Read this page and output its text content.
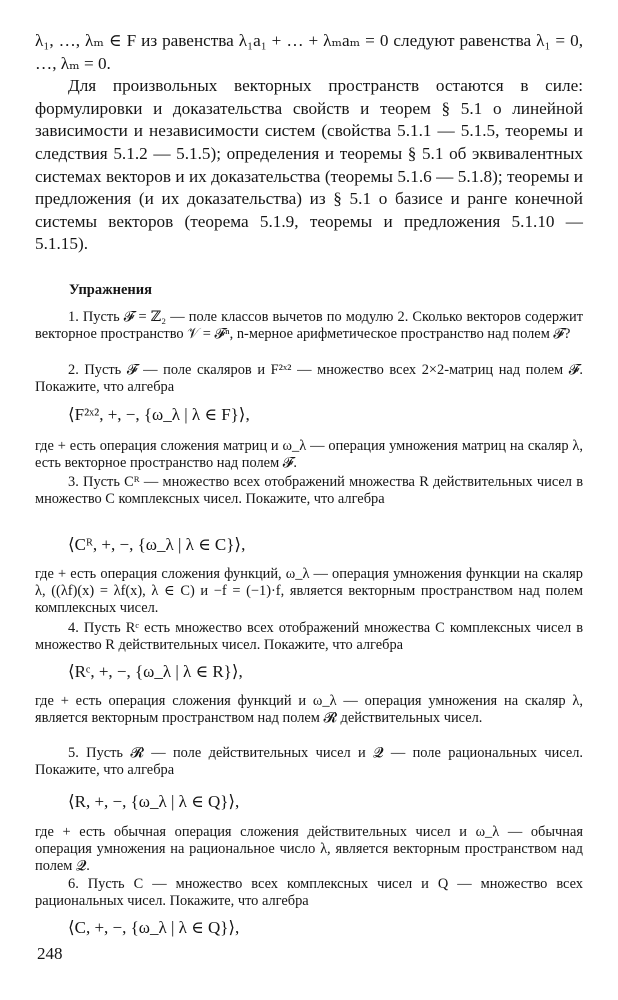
λ₁, …, λₘ ∈ F из равенства λ₁a₁ + … + λₘaₘ = 0 следуют равенства λ₁ = 0, …, λₘ = 0.

Для произвольных векторных пространств остаются в силе: формулировки и доказательства свойств и теорем § 5.1 о линейной зависимости и независимости систем (свойства 5.1.1 — 5.1.5, теоремы и следствия 5.1.2 — 5.1.5); определения и теоремы § 5.1 об эквивалентных системах векторов и их доказательства (теоремы 5.1.6 — 5.1.8); теоремы и предложения (и их доказательства) из § 5.1 о базисе и ранге конечной системы векторов (теорема 5.1.9, теоремы и предложения 5.1.10 — 5.1.15).

Упражнения

1. Пусть 𝓕 = ℤ₂ — поле классов вычетов по модулю 2. Сколько векторов содержит векторное пространство 𝒱 = 𝓕ⁿ, n-мерное арифметическое пространство над полем 𝓕?

2. Пусть 𝓕 — поле скаляров и F²ˣ² — множество всех 2×2-матриц над полем 𝓕. Покажите, что алгебра

⟨F²ˣ², +, −, {ω_λ | λ ∈ F}⟩,

где + есть операция сложения матриц и ω_λ — операция умножения матриц на скаляр λ, есть векторное пространство над полем 𝓕.

3. Пусть Cᴿ — множество всех отображений множества R действительных чисел в множество C комплексных чисел. Покажите, что алгебра

⟨Cᴿ, +, −, {ω_λ | λ ∈ C}⟩,

где + есть операция сложения функций, ω_λ — операция умножения функции на скаляр λ, ((λf)(x) = λf(x), λ ∈ C) и −f = (−1)·f, является векторным пространством над полем комплексных чисел.

4. Пусть Rᶜ есть множество всех отображений множества C комплексных чисел в множество R действительных чисел. Покажите, что алгебра

⟨Rᶜ, +, −, {ω_λ | λ ∈ R}⟩,

где + есть операция сложения функций и ω_λ — операция умножения на скаляр λ, является векторным пространством над полем 𝓡 действительных чисел.

5. Пусть 𝓡 — поле действительных чисел и 𝓠 — поле рациональных чисел. Покажите, что алгебра

⟨R, +, −, {ω_λ | λ ∈ Q}⟩,

где + есть обычная операция сложения действительных чисел и ω_λ — обычная операция умножения на рациональное число λ, является векторным пространством над полем 𝓠.

6. Пусть C — множество всех комплексных чисел и Q — множество всех рациональных чисел. Покажите, что алгебра

⟨C, +, −, {ω_λ | λ ∈ Q}⟩,
248
